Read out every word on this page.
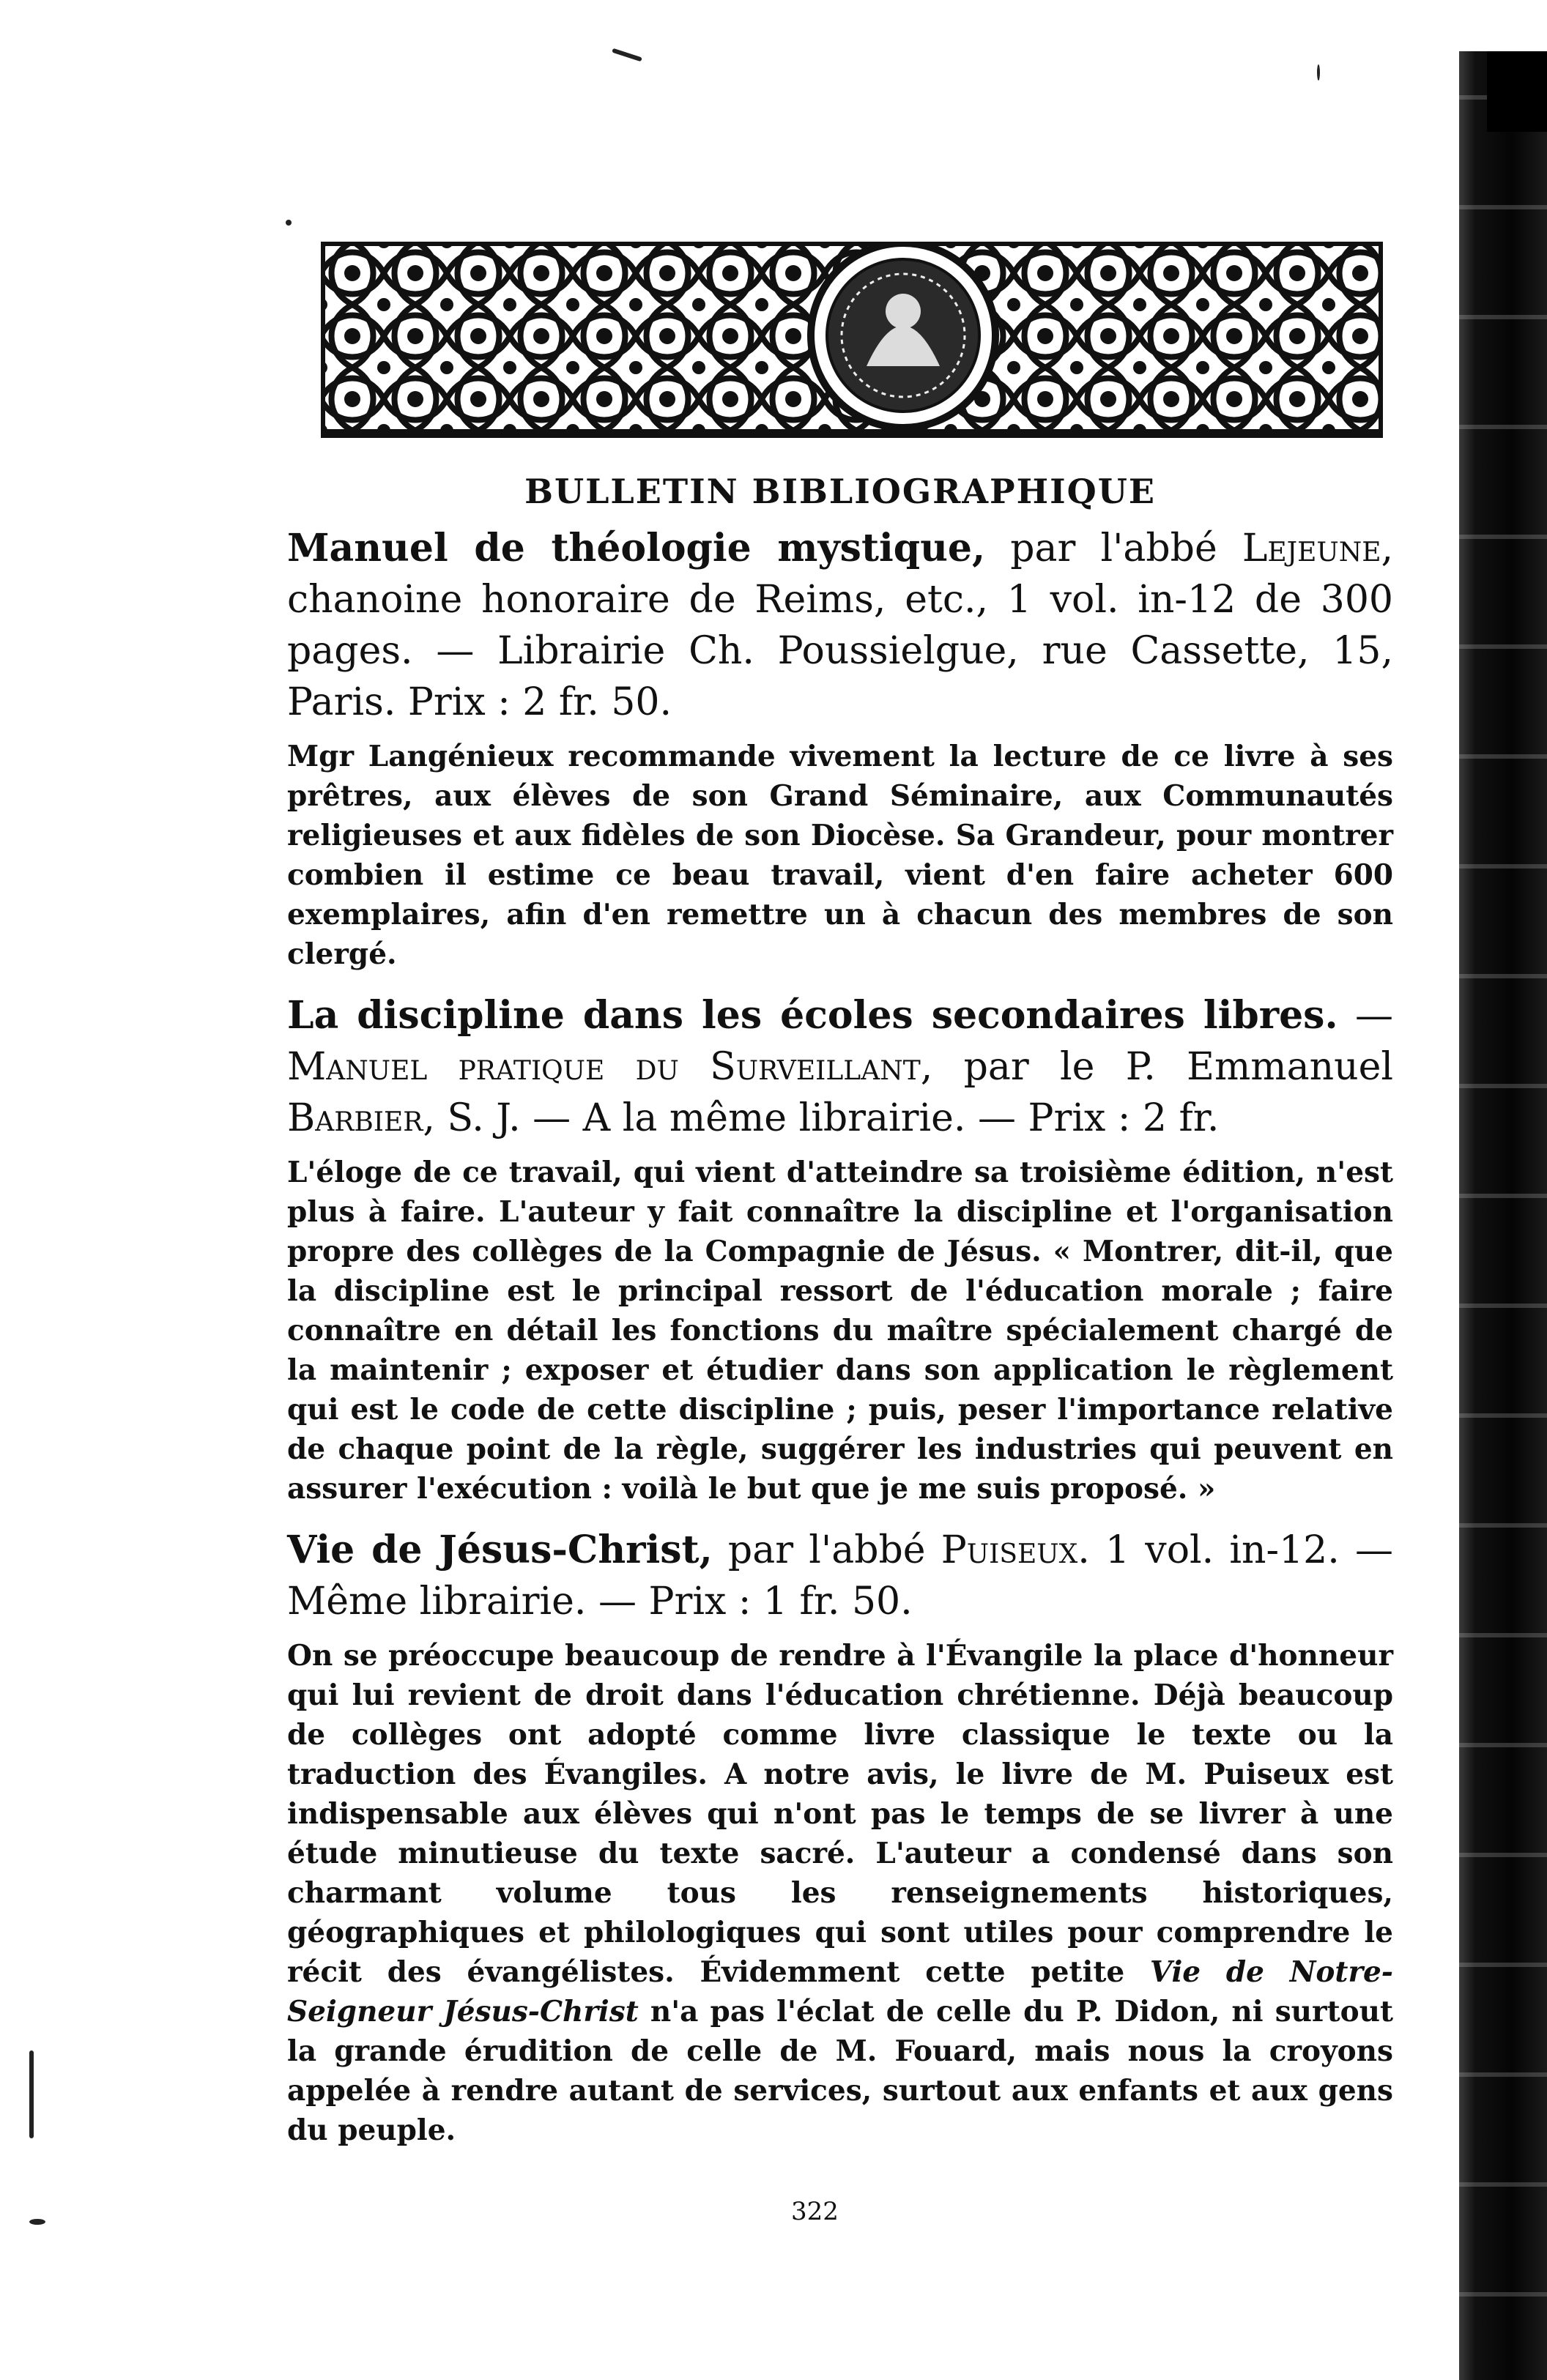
BULLETIN BIBLIOGRAPHIQUE

Manuel de théologie mystique, par l'abbé Lejeune, chanoine honoraire de Reims, etc., 1 vol. in-12 de 300 pages. — Librairie Ch. Poussielgue, rue Cassette, 15, Paris. Prix : 2 fr. 50.

Mgr Langénieux recommande vivement la lecture de ce livre à ses prêtres, aux élèves de son Grand Séminaire, aux Communautés religieuses et aux fidèles de son Diocèse. Sa Grandeur, pour montrer combien il estime ce beau travail, vient d'en faire acheter 600 exemplaires, afin d'en remettre un à chacun des membres de son clergé.

La discipline dans les écoles secondaires libres. — Manuel pratique du Surveillant, par le P. Emmanuel Barbier, S. J. — A la même librairie. — Prix : 2 fr.

L'éloge de ce travail, qui vient d'atteindre sa troisième édition, n'est plus à faire. L'auteur y fait connaître la discipline et l'organisation propre des collèges de la Compagnie de Jésus. « Montrer, dit-il, que la discipline est le principal ressort de l'éducation morale ; faire connaître en détail les fonctions du maître spécialement chargé de la maintenir ; exposer et étudier dans son application le règlement qui est le code de cette discipline ; puis, peser l'importance relative de chaque point de la règle, suggérer les industries qui peuvent en assurer l'exécution : voilà le but que je me suis proposé. »

Vie de Jésus-Christ, par l'abbé Puiseux. 1 vol. in-12. — Même librairie. — Prix : 1 fr. 50.

On se préoccupe beaucoup de rendre à l'Évangile la place d'honneur qui lui revient de droit dans l'éducation chrétienne. Déjà beaucoup de collèges ont adopté comme livre classique le texte ou la traduction des Évangiles. A notre avis, le livre de M. Puiseux est indispensable aux élèves qui n'ont pas le temps de se livrer à une étude minutieuse du texte sacré. L'auteur a condensé dans son charmant volume tous les renseignements historiques, géographiques et philologiques qui sont utiles pour comprendre le récit des évangélistes. Évidemment cette petite Vie de Notre-Seigneur Jésus-Christ n'a pas l'éclat de celle du P. Didon, ni surtout la grande érudition de celle de M. Fouard, mais nous la croyons appelée à rendre autant de services, surtout aux enfants et aux gens du peuple.

322
